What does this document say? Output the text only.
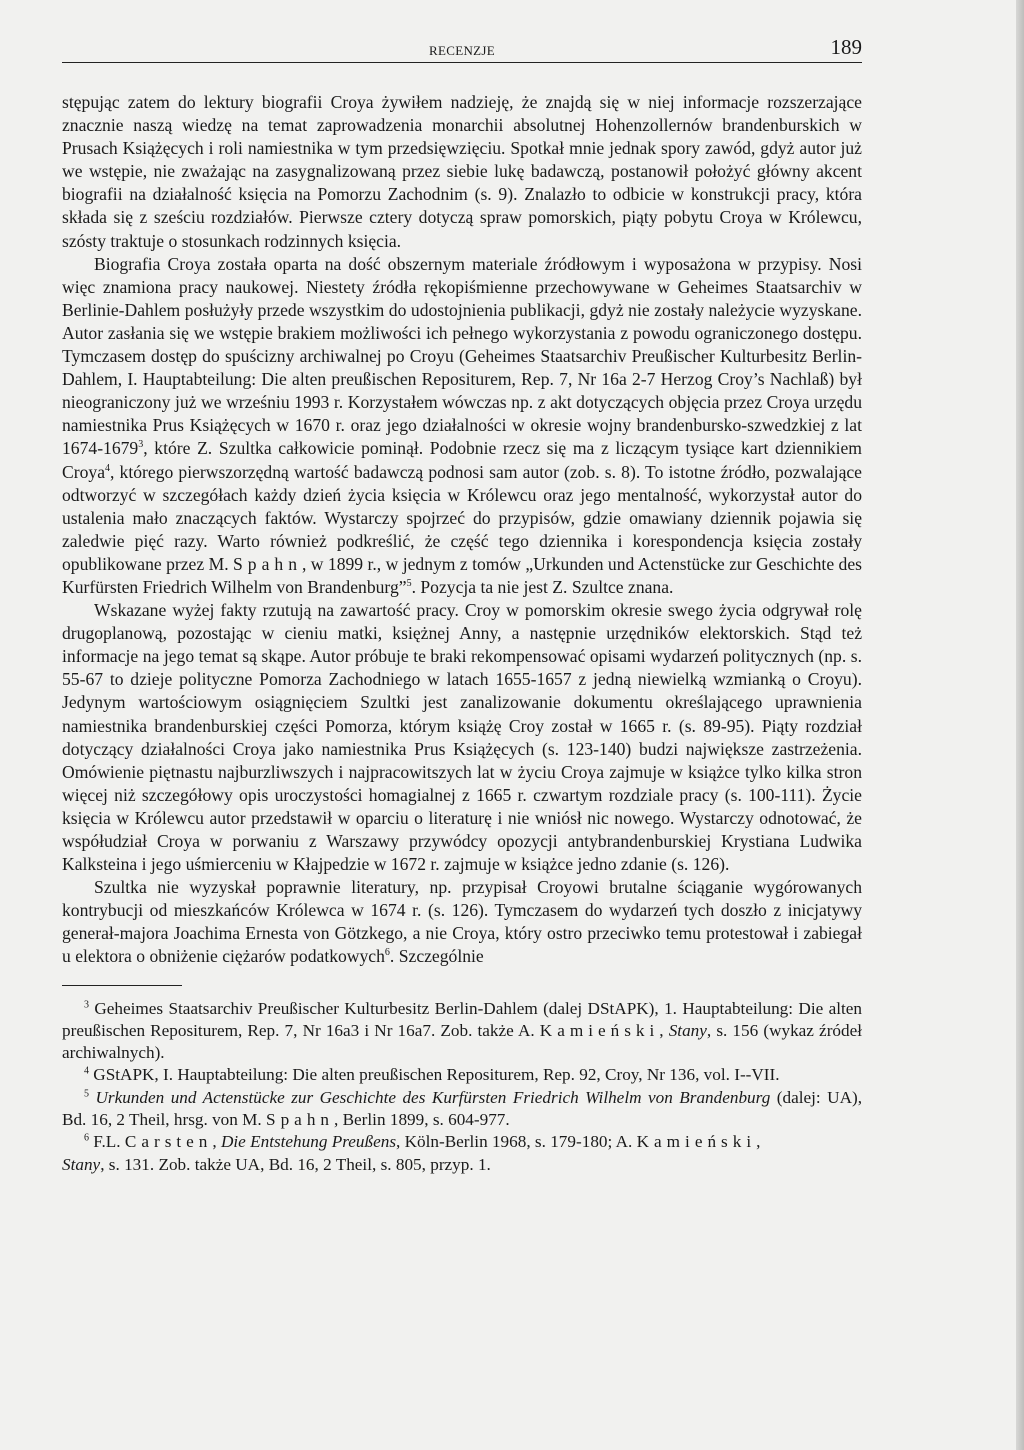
RECENZJE	189

stępując zatem do lektury biografii Croya żywiłem nadzieję, że znajdą się w niej informacje rozszerzające znacznie naszą wiedzę na temat zaprowadzenia monarchii absolutnej Hohenzollernów brandenburskich w Prusach Książęcych i roli namiestnika w tym przedsięwzięciu. Spotkał mnie jednak spory zawód, gdyż autor już we wstępie, nie zważając na zasygnalizowaną przez siebie lukę badawczą, postanowił położyć główny akcent biografii na działalność księcia na Pomorzu Zachodnim (s. 9). Znalazło to odbicie w konstrukcji pracy, która składa się z sześciu rozdziałów. Pierwsze cztery dotyczą spraw pomorskich, piąty pobytu Croya w Królewcu, szósty traktuje o stosunkach rodzinnych księcia.

Biografia Croya została oparta na dość obszernym materiale źródłowym i wyposażona w przypisy. Nosi więc znamiona pracy naukowej. Niestety źródła rękopiśmienne przechowywane w Geheimes Staatsarchiv w Berlinie-Dahlem posłużyły przede wszystkim do udostojnienia publikacji, gdyż nie zostały należycie wyzyskane. Autor zasłania się we wstępie brakiem możliwości ich pełnego wykorzystania z powodu ograniczonego dostępu. Tymczasem dostęp do spuścizny archiwalnej po Croyu (Geheimes Staatsarchiv Preußischer Kulturbesitz Berlin-Dahlem, I. Hauptabteilung: Die alten preußischen Repositurem, Rep. 7, Nr 16a 2-7 Herzog Croy’s Nachlaß) był nieograniczony już we wrześniu 1993 r. Korzystałem wówczas np. z akt dotyczących objęcia przez Croya urzędu namiestnika Prus Książęcych w 1670 r. oraz jego działalności w okresie wojny brandenbursko-szwedzkiej z lat 1674-1679$^3$, które Z. Szultka całkowicie pominął. Podobnie rzecz się ma z liczącym tysiące kart dziennikiem Croya$^4$, którego pierwszorzędną wartość badawczą podnosi sam autor (zob. s. 8). To istotne źródło, pozwalające odtworzyć w szczegółach każdy dzień życia księcia w Królewcu oraz jego mentalność, wykorzystał autor do ustalenia mało znaczących faktów. Wystarczy spojrzeć do przypisów, gdzie omawiany dziennik pojawia się zaledwie pięć razy. Warto również podkreślić, że część tego dziennika i korespondencja księcia zostały opublikowane przez M. Spahn, w 1899 r., w jednym z tomów „Urkunden und Actenstücke zur Geschichte des Kurfürsten Friedrich Wilhelm von Brandenburg”$^5$. Pozycja ta nie jest Z. Szultce znana.

Wskazane wyżej fakty rzutują na zawartość pracy. Croy w pomorskim okresie swego życia odgrywał rolę drugoplanową, pozostając w cieniu matki, księżnej Anny, a następnie urzędników elektorskich. Stąd też informacje na jego temat są skąpe. Autor próbuje te braki rekompensować opisami wydarzeń politycznych (np. s. 55-67 to dzieje polityczne Pomorza Zachodniego w latach 1655-1657 z jedną niewielką wzmianką o Croyu). Jedynym wartościowym osiągnięciem Szultki jest zanalizowanie dokumentu określającego uprawnienia namiestnika brandenburskiej części Pomorza, którym książę Croy został w 1665 r. (s. 89-95). Piąty rozdział dotyczący działalności Croya jako namiestnika Prus Książęcych (s. 123-140) budzi największe zastrzeżenia. Omówienie piętnastu najburzliwszych i najpracowitszych lat w życiu Croya zajmuje w książce tylko kilka stron więcej niż szczegółowy opis uroczystości homagialnej z 1665 r. czwartym rozdziale pracy (s. 100-111). Życie księcia w Królewcu autor przedstawił w oparciu o literaturę i nie wniósł nic nowego. Wystarczy odnotować, że współudział Croya w porwaniu z Warszawy przywódcy opozycji antybrandenburskiej Krystiana Ludwika Kalksteina i jego uśmierceniu w Kłajpedzie w 1672 r. zajmuje w książce jedno zdanie (s. 126).

Szultka nie wyzyskał poprawnie literatury, np. przypisał Croyowi brutalne ściąganie wygórowanych kontrybucji od mieszkańców Królewca w 1674 r. (s. 126). Tymczasem do wydarzeń tych doszło z inicjatywy generał-majora Joachima Ernesta von Götzkego, a nie Croya, który ostro przeciwko temu protestował i zabiegał u elektora o obniżenie ciężarów podatkowych$^6$. Szczególnie

$^3$ Geheimes Staatsarchiv Preußischer Kulturbesitz Berlin-Dahlem (dalej DStAPK), 1. Hauptabteilung: Die alten preußischen Repositurem, Rep. 7, Nr 16a3 i Nr 16a7. Zob. także A. Kamieński, Stany, s. 156 (wykaz źródeł archiwalnych).

$^4$ GStAPK, I. Hauptabteilung: Die alten preußischen Repositurem, Rep. 92, Croy, Nr 136, vol. I--VII.

$^5$ Urkunden und Actenstücke zur Geschichte des Kurfürsten Friedrich Wilhelm von Brandenburg (dalej: UA), Bd. 16, 2 Theil, hrsg. von M. Spahn, Berlin 1899, s. 604-977.

$^6$ F.L. Carsten, Die Entstehung Preußens, Köln-Berlin 1968, s. 179-180; A. Kamieński,
Stany, s. 131. Zob. także UA, Bd. 16, 2 Theil, s. 805, przyp. 1.
